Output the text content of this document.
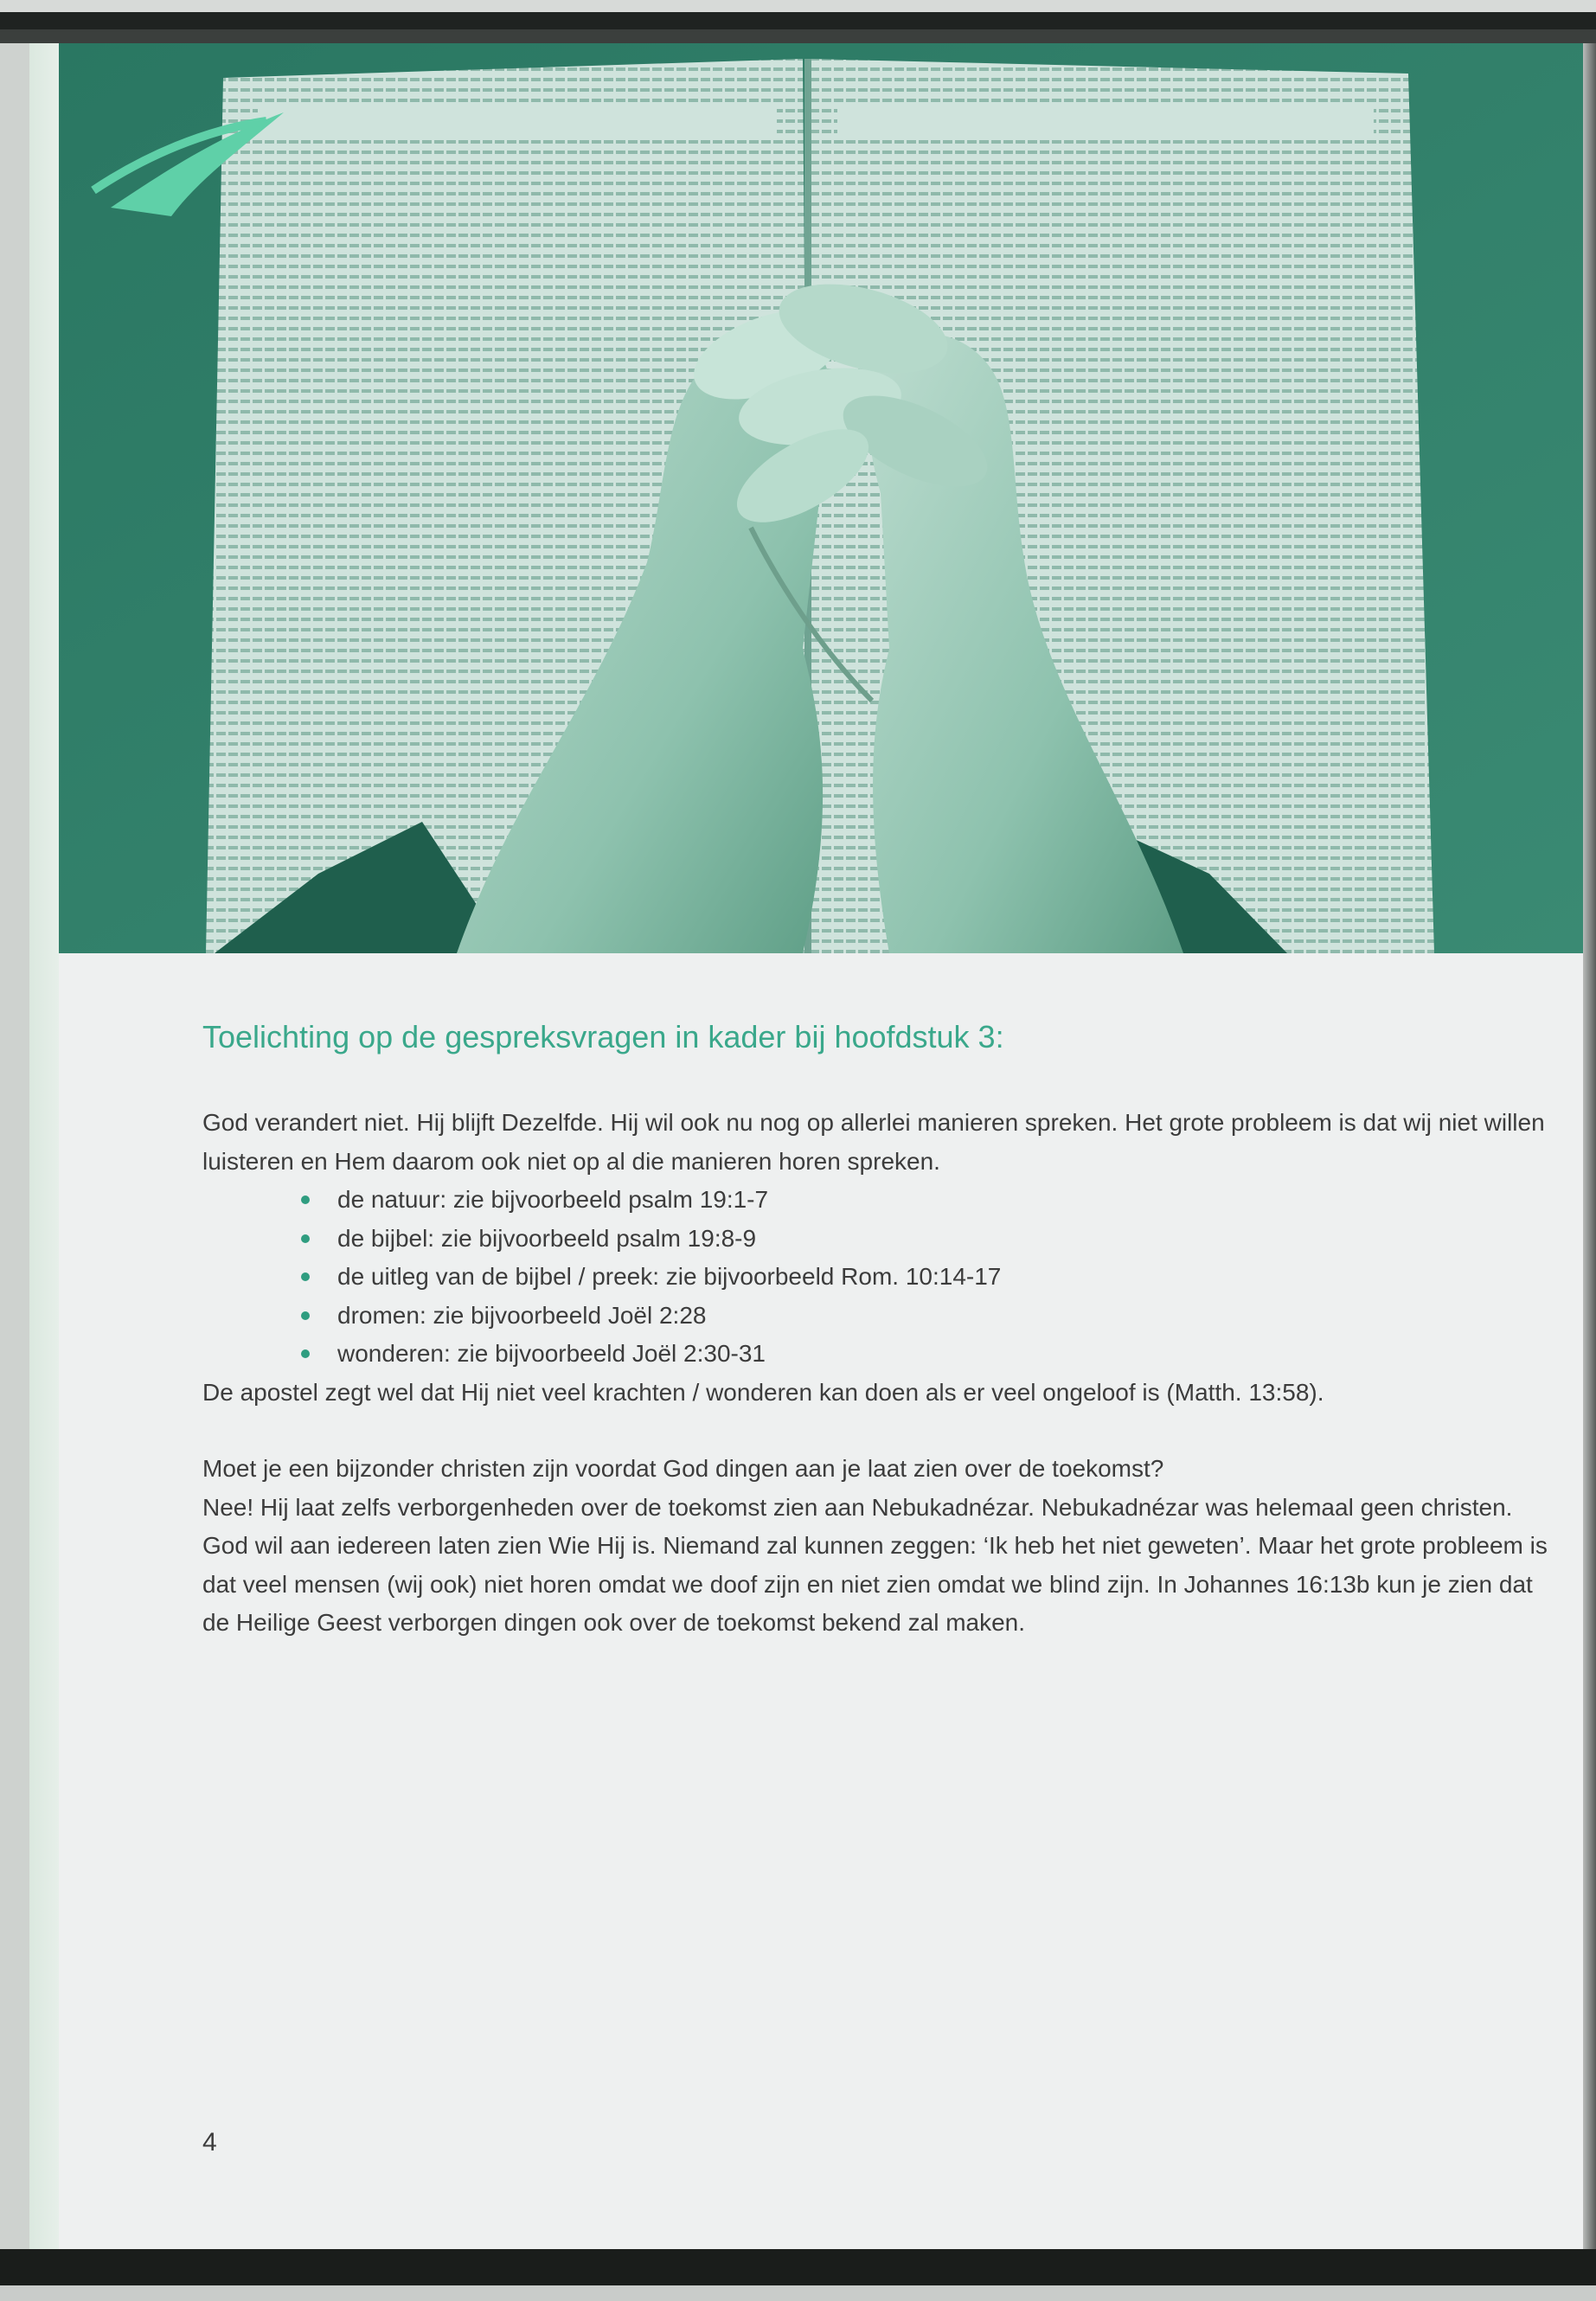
Toelichting op de gespreksvragen in kader bij hoofdstuk 3:

God verandert niet. Hij blijft Dezelfde. Hij wil ook nu nog op allerlei manieren spreken. Het grote probleem is dat wij niet willen luisteren en Hem daarom ook niet op al die manieren horen spreken.

de natuur: zie bijvoorbeeld psalm 19:1-7
de bijbel: zie bijvoorbeeld psalm 19:8-9
de uitleg van de bijbel / preek: zie bijvoorbeeld Rom. 10:14-17
dromen: zie bijvoorbeeld Joël 2:28
wonderen: zie bijvoorbeeld Joël 2:30-31

De apostel zegt wel dat Hij niet veel krachten / wonderen kan doen als er veel ongeloof is (Matth. 13:58).

Moet je een bijzonder christen zijn voordat God dingen aan je laat zien over de toekomst?

Nee! Hij laat zelfs verborgenheden over de toekomst zien aan Nebukadnézar. Nebukadnézar was helemaal geen christen. God wil aan iedereen laten zien Wie Hij is. Niemand zal kunnen zeggen: ‘Ik heb het niet geweten’. Maar het grote probleem is dat veel mensen (wij ook) niet horen omdat we doof zijn en niet zien omdat we blind zijn. In Johannes 16:13b kun je zien dat de Heilige Geest verborgen dingen ook over de toekomst bekend zal maken.

4
